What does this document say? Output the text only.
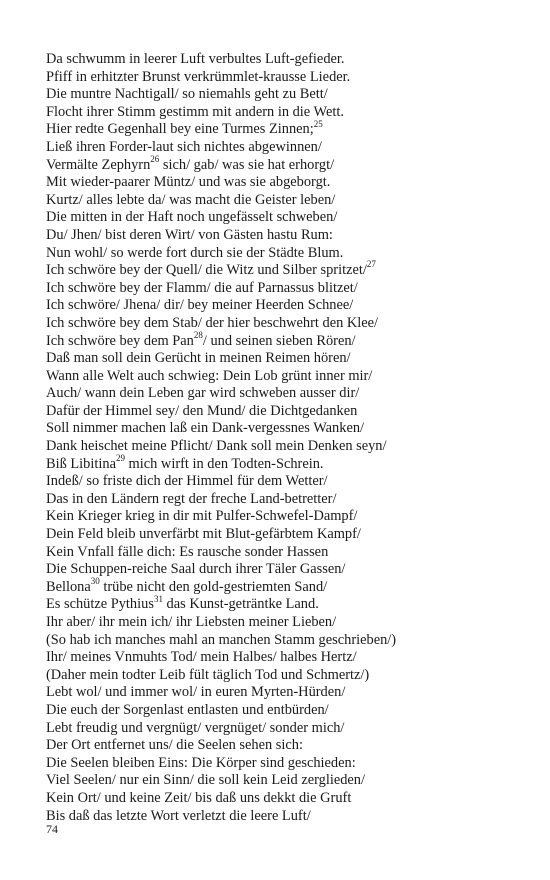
Da schwumm in leerer Luft verbultes Luft-gefieder.
Pfiff in erhitzter Brunst verkrümmlet-krausse Lieder.
Die muntre Nachtigall/ so niemahls geht zu Bett/
Flocht ihrer Stimm gestimm mit andern in die Wett.
Hier redte Gegenhall bey eine Turmes Zinnen;$^{25}$
Ließ ihren Forder-laut sich nichtes abgewinnen/
Vermälte Zephyrn$^{26}$ sich/ gab/ was sie hat erhorgt/
Mit wieder-paarer Müntz/ und was sie abgeborgt.
Kurtz/ alles lebte da/ was macht die Geister leben/
Die mitten in der Haft noch ungefässelt schweben/
Du/ Jhen/ bist deren Wirt/ von Gästen hastu Rum:
Nun wohl/ so werde fort durch sie der Städte Blum.
Ich schwöre bey der Quell/ die Witz und Silber spritzet/$^{27}$
Ich schwöre bey der Flamm/ die auf Parnassus blitzet/
Ich schwöre/ Jhena/ dir/ bey meiner Heerden Schnee/
Ich schwöre bey dem Stab/ der hier beschwehrt den Klee/
Ich schwöre bey dem Pan$^{28}$/ und seinen sieben Rören/
Daß man soll dein Gerücht in meinen Reimen hören/
Wann alle Welt auch schwieg: Dein Lob grünt inner mir/
Auch/ wann dein Leben gar wird schweben ausser dir/
Dafür der Himmel sey/ den Mund/ die Dichtgedanken
Soll nimmer machen laß ein Dank-vergessnes Wanken/
Dank heischet meine Pflicht/ Dank soll mein Denken seyn/
Biß Libitina$^{29}$ mich wirft in den Todten-Schrein.
Indeß/ so friste dich der Himmel für dem Wetter/
Das in den Ländern regt der freche Land-betretter/
Kein Krieger krieg in dir mit Pulfer-Schwefel-Dampf/
Dein Feld bleib unverfärbt mit Blut-gefärbtem Kampf/
Kein Vnfall fälle dich: Es rausche sonder Hassen
Die Schuppen-reiche Saal durch ihrer Täler Gassen/
Bellona$^{30}$ trübe nicht den gold-gestriemten Sand/
Es schütze Pythius$^{31}$ das Kunst-geträntke Land.
Ihr aber/ ihr mein ich/ ihr Liebsten meiner Lieben/
(So hab ich manches mahl an manchen Stamm geschrieben/)
Ihr/ meines Vnmuhts Tod/ mein Halbes/ halbes Hertz/
(Daher mein todter Leib fült täglich Tod und Schmertz/)
Lebt wol/ und immer wol/ in euren Myrten-Hürden/
Die euch der Sorgenlast entlasten und entbürden/
Lebt freudig und vergnügt/ vergnüget/ sonder mich/
Der Ort entfernet uns/ die Seelen sehen sich:
Die Seelen bleiben Eins: Die Körper sind geschieden:
Viel Seelen/ nur ein Sinn/ die soll kein Leid zerglieden/
Kein Ort/ und keine Zeit/ bis daß uns dekkt die Gruft
Bis daß das letzte Wort verletzt die leere Luft/
74
